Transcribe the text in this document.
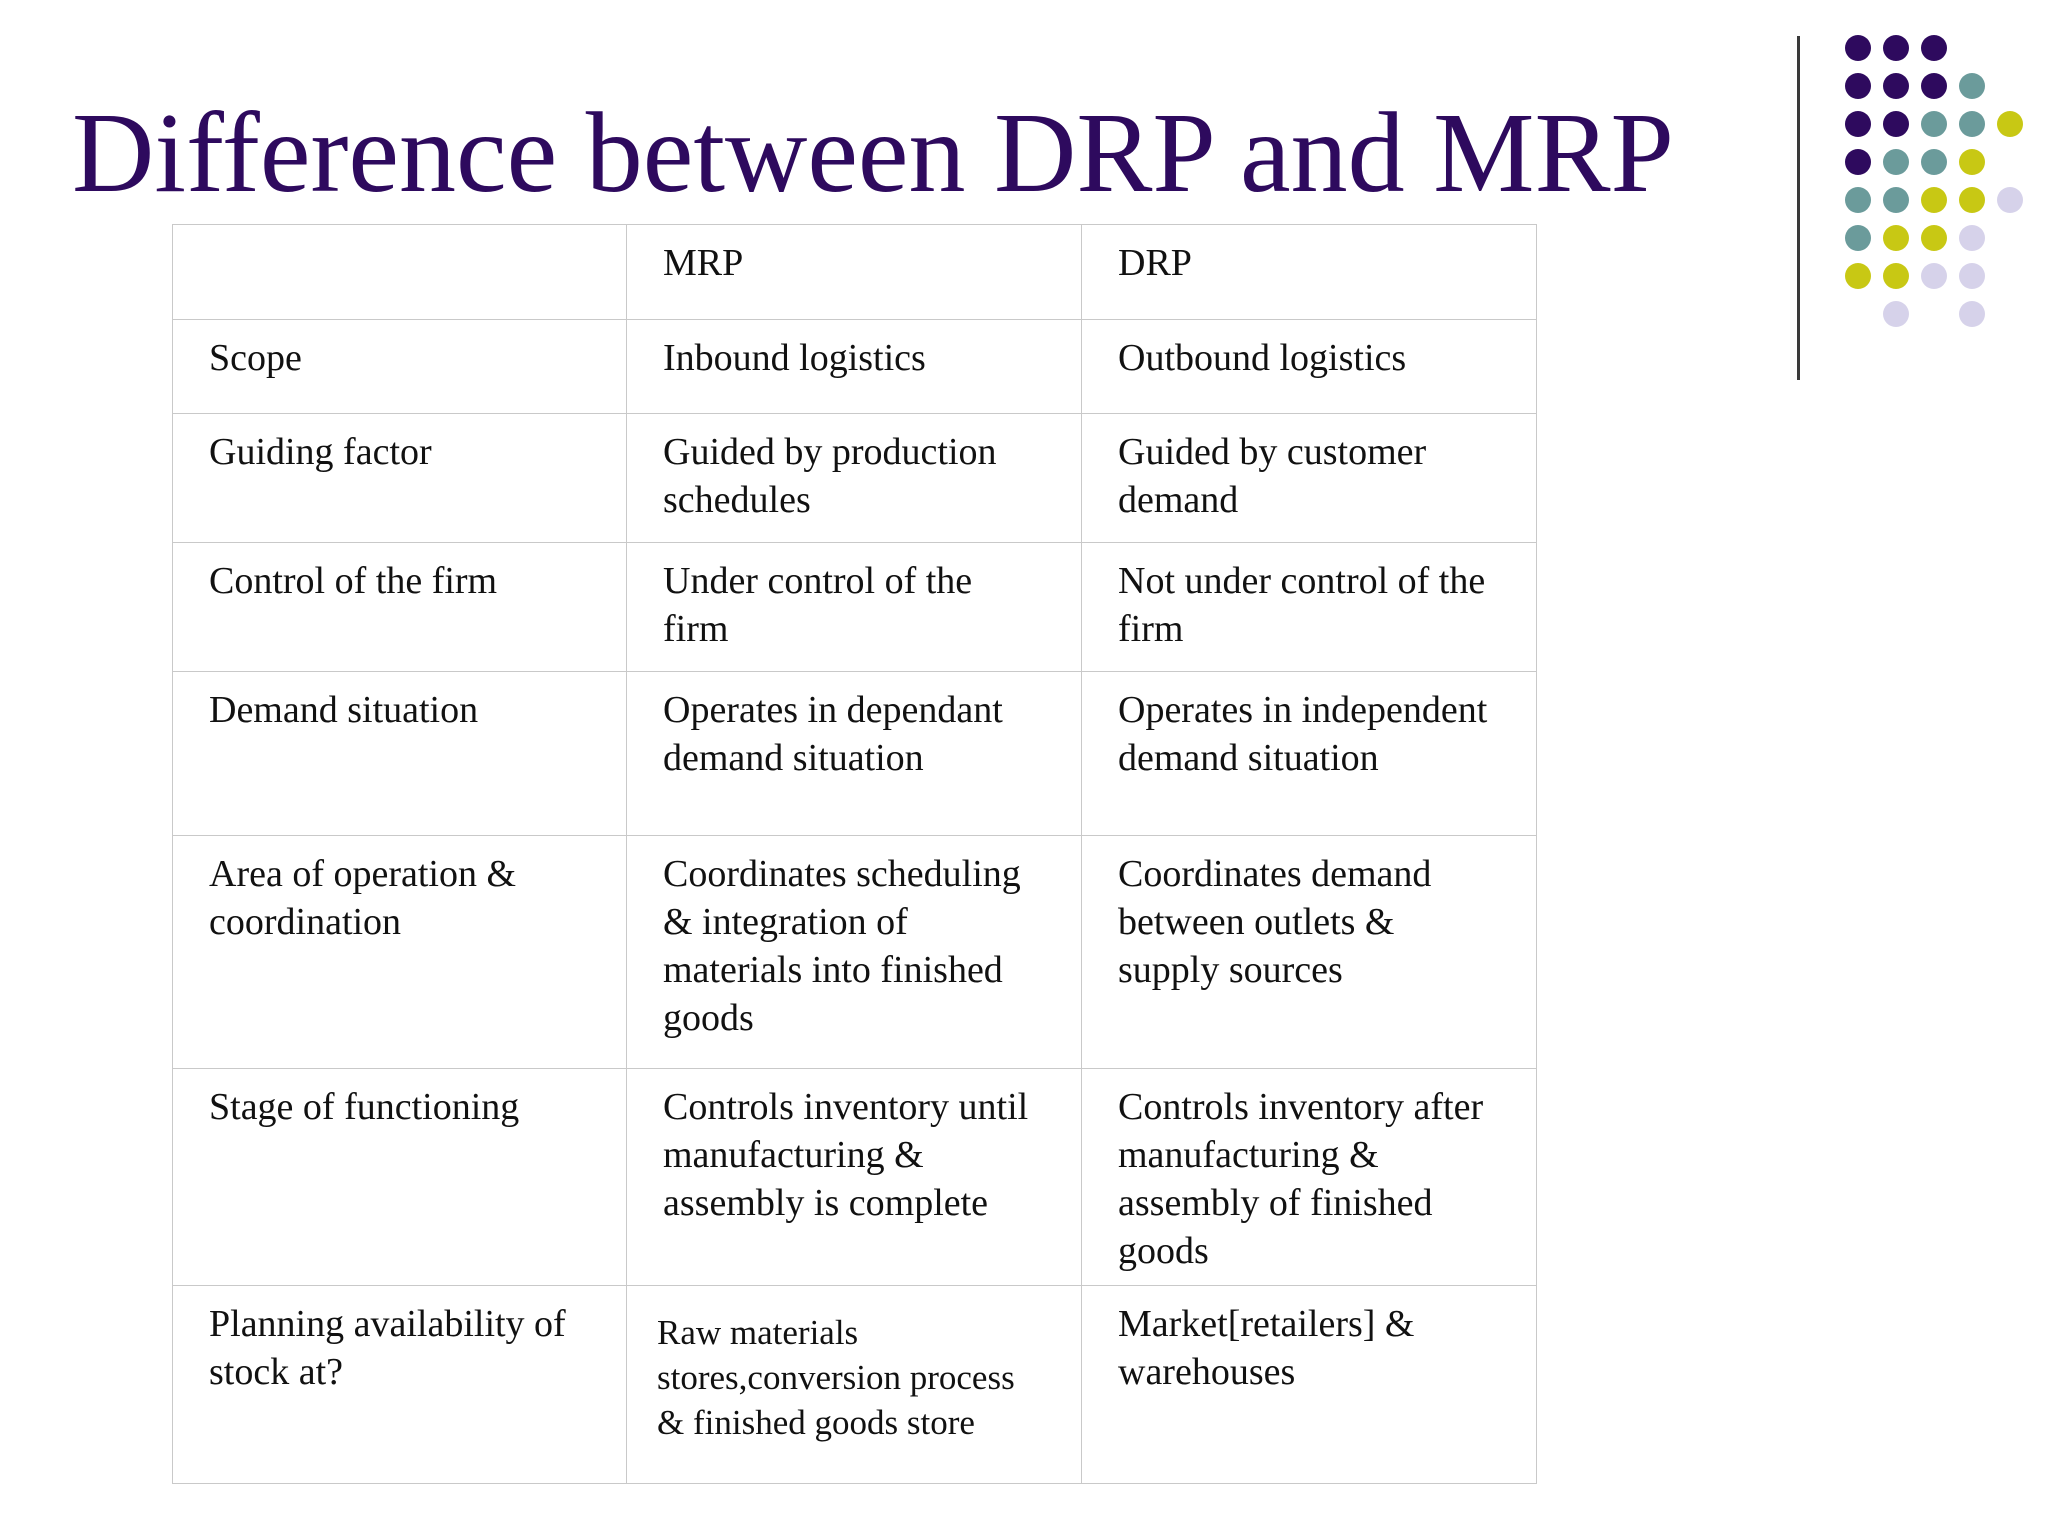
Difference between DRP and MRP
	MRP	DRP
Scope	Inbound logistics	Outbound logistics
Guiding factor	Guided by production schedules	Guided by customer demand
Control of the firm	Under control of the firm	Not under control of the firm
Demand situation	Operates in dependant demand situation	Operates in independent demand situation
Area of operation & coordination	Coordinates scheduling & integration of materials into finished goods	Coordinates demand between outlets & supply sources
Stage of functioning	Controls inventory until manufacturing & assembly is complete	Controls inventory after manufacturing & assembly of finished goods
Planning availability of stock at?	Raw materials stores,conversion process & finished goods store	Market[retailers] & warehouses
